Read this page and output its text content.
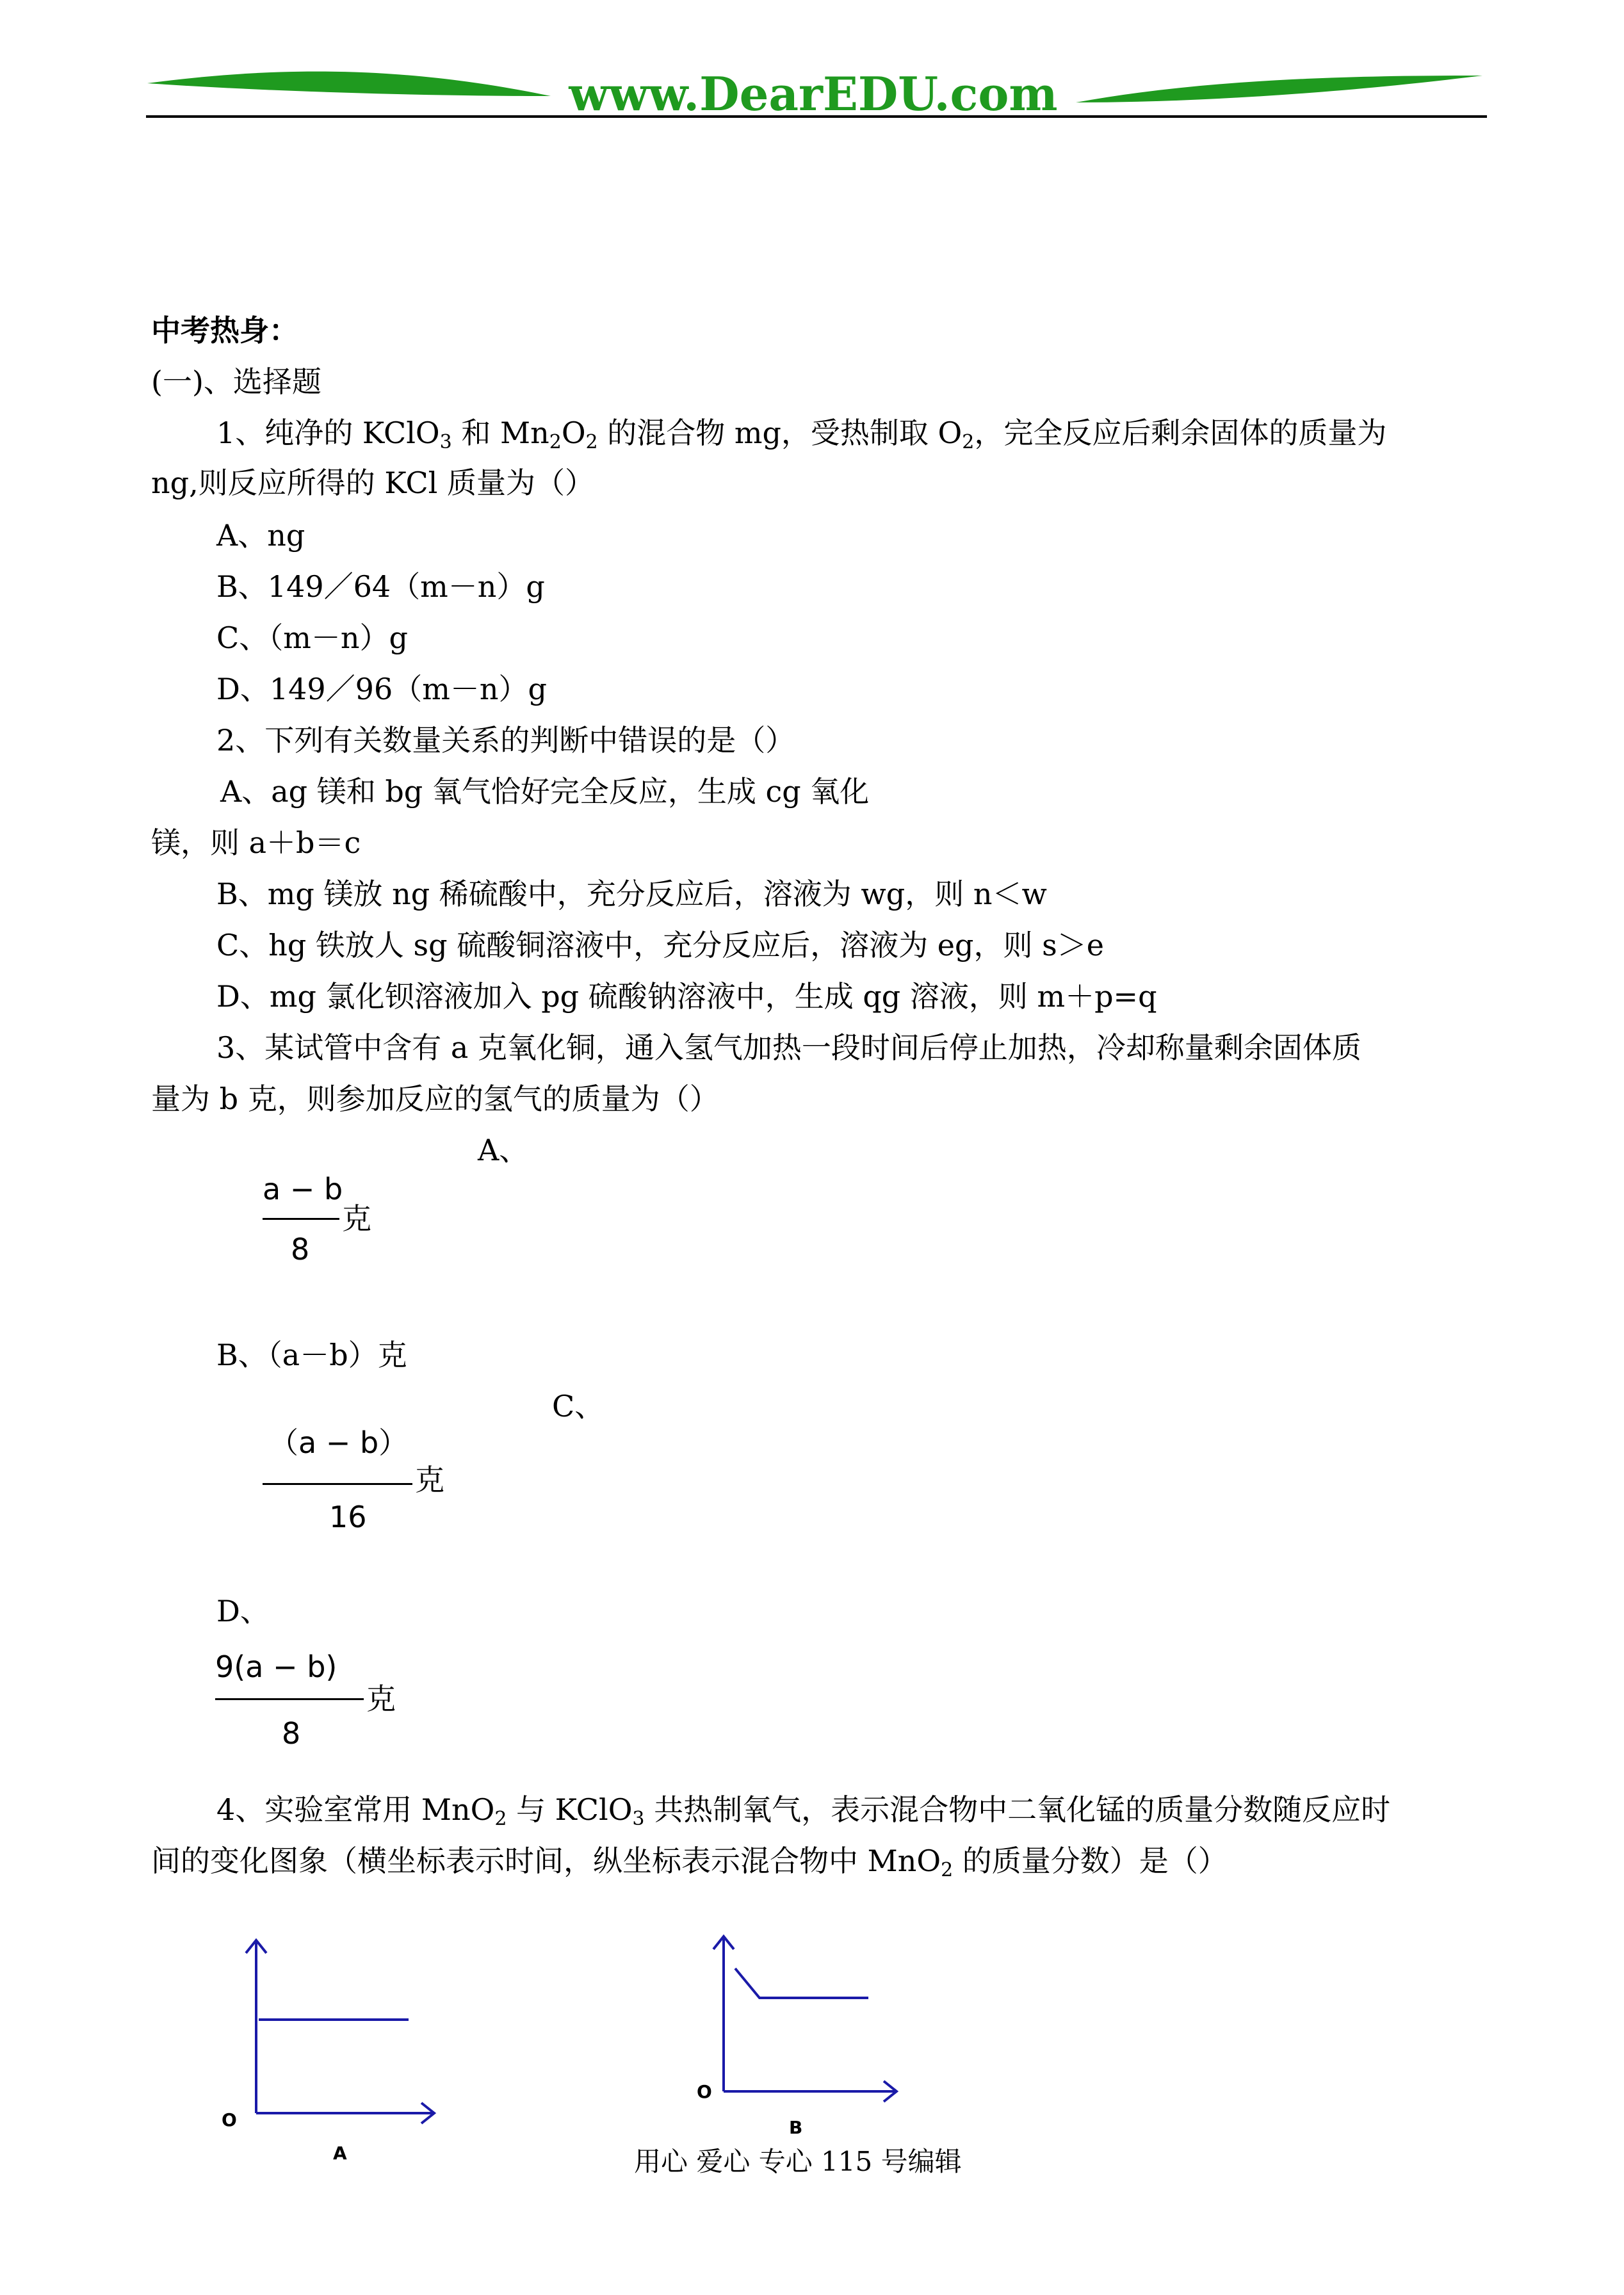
www.DearEDU.com
中考热身：
(一)、选择题
1、纯净的 KClO$_3$ 和 $Mn_2O_2$ 的混合物 mg，受热制取 $O_2$，完全反应后剩余固体的质量为
ng,则反应所得的 KCl 质量为（）
A、ng
B、149／64（m－n）g
C、（m－n）g
D、149／96（m－n）g
2、下列有关数量关系的判断中错误的是（）
A、ag 镁和 bg 氧气恰好完全反应，生成 cg 氧化
镁，则 a＋b＝c
B、mg 镁放 ng 稀硫酸中，充分反应后，溶液为 wg，则 n＜w
C、hg 铁放人 sg 硫酸铜溶液中，充分反应后，溶液为 eg，则 s＞e
D、mg 氯化钡溶液加入 pg 硫酸钠溶液中，生成 qg 溶液，则 m＋p=q
3、某试管中含有 a 克氧化铜，通入氢气加热一段时间后停止加热，冷却称量剩余固体质
量为 b 克，则参加反应的氢气的质量为（）
A、
a − b
克
8
B、（a－b）克
C、
（a − b）
克
16
D、
9(a − b)
克
8
4、实验室常用 MnO$_2$ 与 KClO$_3$ 共热制氧气，表示混合物中二氧化锰的质量分数随反应时
间的变化图象（横坐标表示时间，纵坐标表示混合物中 MnO$_2$ 的质量分数）是（）
O
A
O
B
用心 爱心 专心 115 号编辑
